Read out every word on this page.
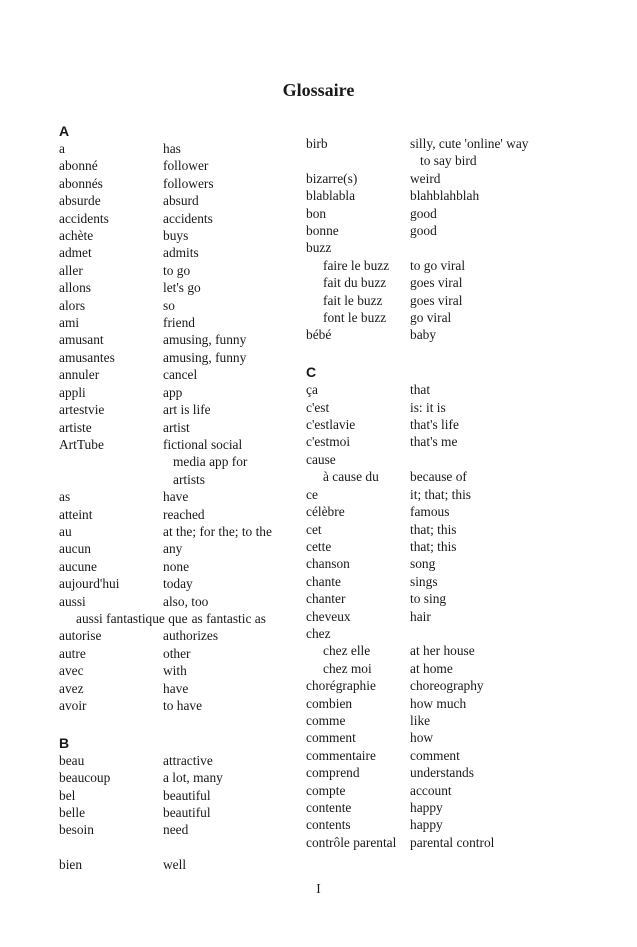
Glossaire
A
a	has
abonné	follower
abonnés	followers
absurde	absurd
accidents	accidents
achète	buys
admet	admits
aller	to go
allons	let's go
alors	so
ami	friend
amusant	amusing, funny
amusantes	amusing, funny
annuler	cancel
appli	app
artestvie	art is life
artiste	artist
ArtTube	fictional social
media app for
artists
as	have
atteint	reached
au	at the; for the; to the
aucun	any
aucune	none
aujourd'hui	today
aussi	also, too
aussi fantastique que as fantastic as
autorise	authorizes
autre	other
avec	with
avez	have
avoir	to have
B
beau	attractive
beaucoup	a lot, many
bel	beautiful
belle	beautiful
besoin	need
bien	well
birb	silly, cute 'online' way
to say bird
bizarre(s)	weird
blablabla	blahblahblah
bon	good
bonne	good
buzz
faire le buzz	to go viral
fait du buzz	goes viral
fait le buzz	goes viral
font le buzz	go viral
bébé	baby
C
ça	that
c'est	is: it is
c'estlavie	that's life
c'estmoi	that's me
cause
à cause du	because of
ce	it; that; this
célèbre	famous
cet	that; this
cette	that; this
chanson	song
chante	sings
chanter	to sing
cheveux	hair
chez
chez elle	at her house
chez moi	at home
chorégraphie	choreography
combien	how much
comme	like
comment	how
commentaire	comment
comprend	understands
compte	account
contente	happy
contents	happy
contrôle parental	parental control
I
